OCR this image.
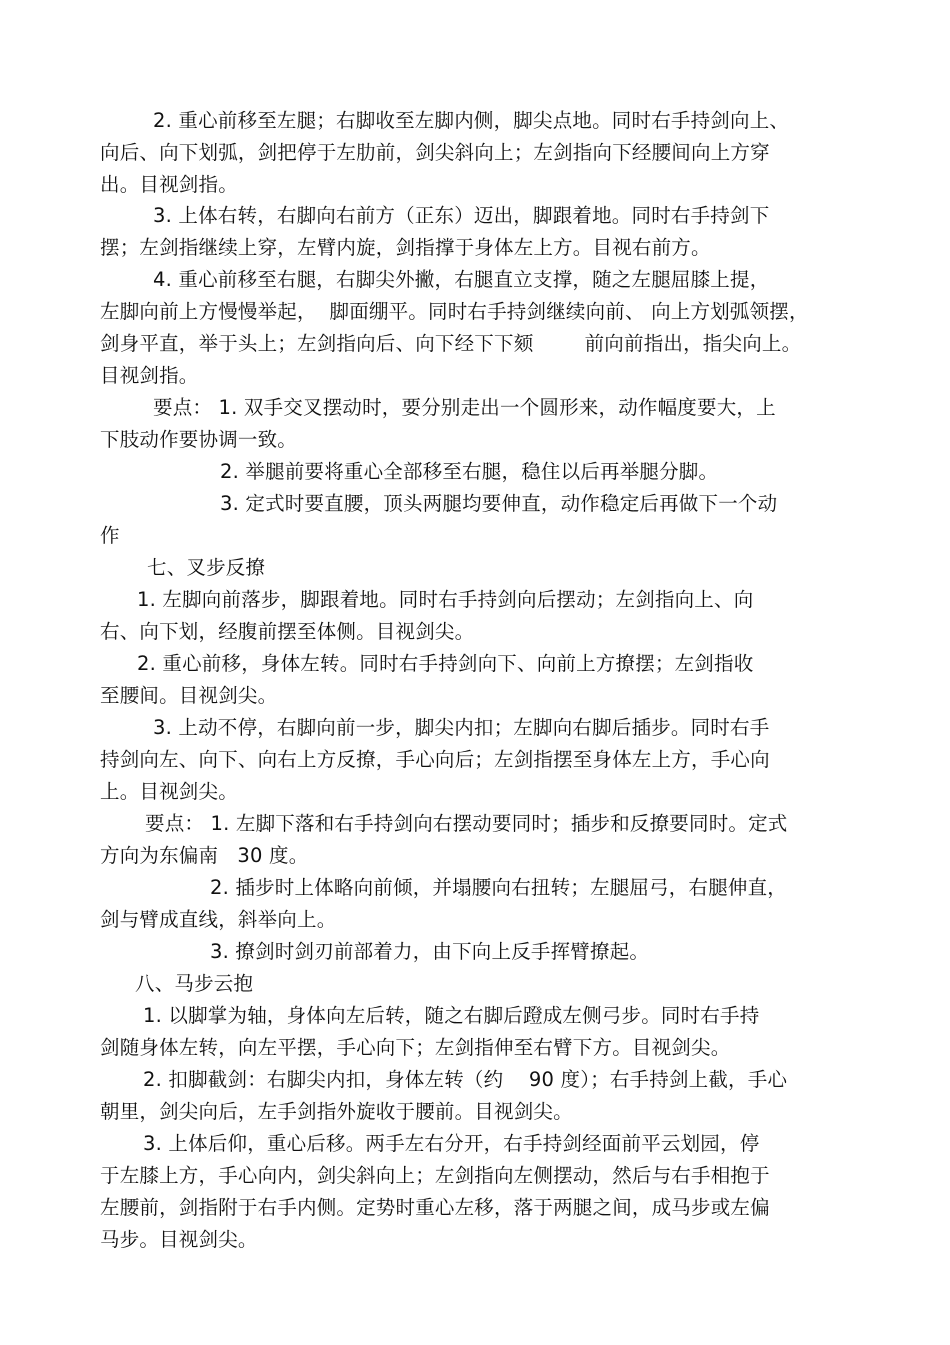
2. 重心前移至左腿；右脚收至左脚内侧，脚尖点地。同时右手持剑向上、
向后、向下划弧，剑把停于左肋前，剑尖斜向上；左剑指向下经腰间向上方穿
出。目视剑指。
3. 上体右转，右脚向右前方（正东）迈出，脚跟着地。同时右手持剑下
摆；左剑指继续上穿，左臂内旋，剑指撑于身体左上方。目视右前方。
4. 重心前移至右腿，右脚尖外撇，右腿直立支撑，随之左腿屈膝上提，
左脚向前上方慢慢举起，  脚面绷平。同时右手持剑继续向前、 向上方划弧领摆，
剑身平直，举于头上；左剑指向后、向下经下下颏        前向前指出，指尖向上。
目视剑指。
要点： 1. 双手交叉摆动时，要分别走出一个圆形来，动作幅度要大，上
下肢动作要协调一致。
2. 举腿前要将重心全部移至右腿，稳住以后再举腿分脚。
3. 定式时要直腰，顶头两腿均要伸直，动作稳定后再做下一个动
作
七、叉步反撩
1. 左脚向前落步，脚跟着地。同时右手持剑向后摆动；左剑指向上、向
右、向下划，经腹前摆至体侧。目视剑尖。
2. 重心前移，身体左转。同时右手持剑向下、向前上方撩摆；左剑指收
至腰间。目视剑尖。
3. 上动不停，右脚向前一步，脚尖内扣；左脚向右脚后插步。同时右手
持剑向左、向下、向右上方反撩，手心向后；左剑指摆至身体左上方，手心向
上。目视剑尖。
要点： 1. 左脚下落和右手持剑向右摆动要同时；插步和反撩要同时。定式
方向为东偏南   30 度。
2. 插步时上体略向前倾，并塌腰向右扭转；左腿屈弓，右腿伸直，
剑与臂成直线，斜举向上。
3. 撩剑时剑刃前部着力，由下向上反手挥臂撩起。
八、马步云抱
1. 以脚掌为轴，身体向左后转，随之右脚后蹬成左侧弓步。同时右手持
剑随身体左转，向左平摆，手心向下；左剑指伸至右臂下方。目视剑尖。
2. 扣脚截剑：右脚尖内扣，身体左转（约    90 度）；右手持剑上截，手心
朝里，剑尖向后，左手剑指外旋收于腰前。目视剑尖。
3. 上体后仰，重心后移。两手左右分开，右手持剑经面前平云划园，停
于左膝上方，手心向内，剑尖斜向上；左剑指向左侧摆动，然后与右手相抱于
左腰前，剑指附于右手内侧。定势时重心左移，落于两腿之间，成马步或左偏
马步。目视剑尖。
